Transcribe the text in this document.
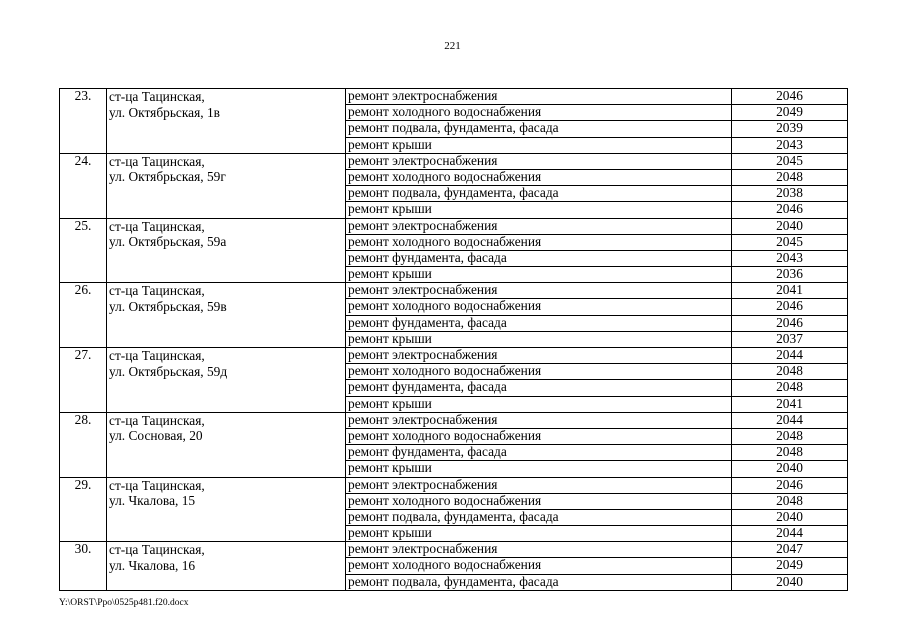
221
23.	ст-ца Тацинская,
ул. Октябрьская, 1в	ремонт электроснабжения	2046
		ремонт холодного водоснабжения	2049
		ремонт подвала, фундамента, фасада	2039
		ремонт крыши	2043
24.	ст-ца Тацинская,
ул. Октябрьская, 59г	ремонт электроснабжения	2045
		ремонт холодного водоснабжения	2048
		ремонт подвала, фундамента, фасада	2038
		ремонт крыши	2046
25.	ст-ца Тацинская,
ул. Октябрьская, 59а	ремонт электроснабжения	2040
		ремонт холодного водоснабжения	2045
		ремонт фундамента, фасада	2043
		ремонт крыши	2036
26.	ст-ца Тацинская,
ул. Октябрьская, 59в	ремонт электроснабжения	2041
		ремонт холодного водоснабжения	2046
		ремонт фундамента, фасада	2046
		ремонт крыши	2037
27.	ст-ца Тацинская,
ул. Октябрьская, 59д	ремонт электроснабжения	2044
		ремонт холодного водоснабжения	2048
		ремонт фундамента, фасада	2048
		ремонт крыши	2041
28.	ст-ца Тацинская,
ул. Сосновая, 20	ремонт электроснабжения	2044
		ремонт холодного водоснабжения	2048
		ремонт фундамента, фасада	2048
		ремонт крыши	2040
29.	ст-ца Тацинская,
ул. Чкалова, 15	ремонт электроснабжения	2046
		ремонт холодного водоснабжения	2048
		ремонт подвала, фундамента, фасада	2040
		ремонт крыши	2044
30.	ст-ца Тацинская,
ул. Чкалова, 16	ремонт электроснабжения	2047
		ремонт холодного водоснабжения	2049
		ремонт подвала, фундамента, фасада	2040
Y:\ORST\Ppo\0525p481.f20.docx
